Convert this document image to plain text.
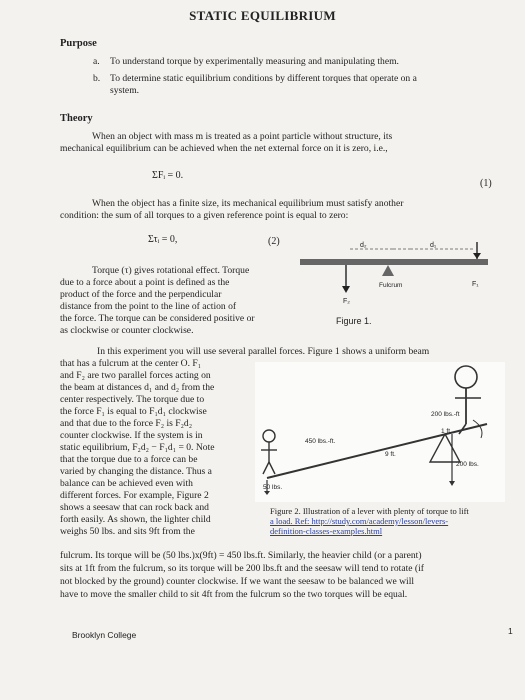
STATIC EQUILIBRIUM
Purpose
a. To understand torque by experimentally measuring and manipulating them.
b. To determine static equilibrium conditions by different torques that operate on a
system.
Theory
When an object with mass m is treated as a point particle without structure, its
mechanical equilibrium can be achieved when the net external force on it is zero, i.e.,
ΣFᵢ = 0.
(1)
When the object has a finite size, its mechanical equilibrium must satisfy another
condition: the sum of all torques to a given reference point is equal to zero:
Στᵢ = 0,	(2)
Torque (τ) gives rotational effect. Torque
due to a force about a point is defined as the
product of the force and the perpendicular
distance from the point to the line of action of
the force. The torque can be considered positive or
as clockwise or counter clockwise.
d₂	d₁
Fulcrum
F₂
F₁
Figure 1.
In this experiment you will use several parallel forces. Figure 1 shows a uniform beam
that has a fulcrum at the center O. F₁
and F₂ are two parallel forces acting on
the beam at distances d₁ and d₂ from the
center respectively. The torque due to
the force F₁ is equal to F₁d₁ clockwise
and that due to the force F₂ is F₂d₂
counter clockwise. If the system is in
static equilibrium, F₂d₂ − F₁d₁ = 0. Note
that the torque due to a force can be
varied by changing the distance. Thus a
balance can be achieved even with
different forces. For example, Figure 2
shows a seesaw that can rock back and
forth easily. As shown, the lighter child
weighs 50 lbs. and sits 9ft from the
200 lbs.-ft
450 lbs.-ft.
1 ft.
9 ft.
200 lbs.
50 lbs.
Figure 2. Illustration of a lever with plenty of torque to lift
a load. Ref: http://study.com/academy/lesson/levers-
definition-classes-examples.html
fulcrum. Its torque will be (50 lbs.)x(9ft) = 450 lbs.ft. Similarly, the heavier child (or a parent)
sits at 1ft from the fulcrum, so its torque will be 200 lbs.ft and the seesaw will tend to rotate (if
not blocked by the ground) counter clockwise. If we want the seesaw to be balanced we will
have to move the smaller child to sit 4ft from the fulcrum so the two torques will be equal.
Brooklyn College	1
